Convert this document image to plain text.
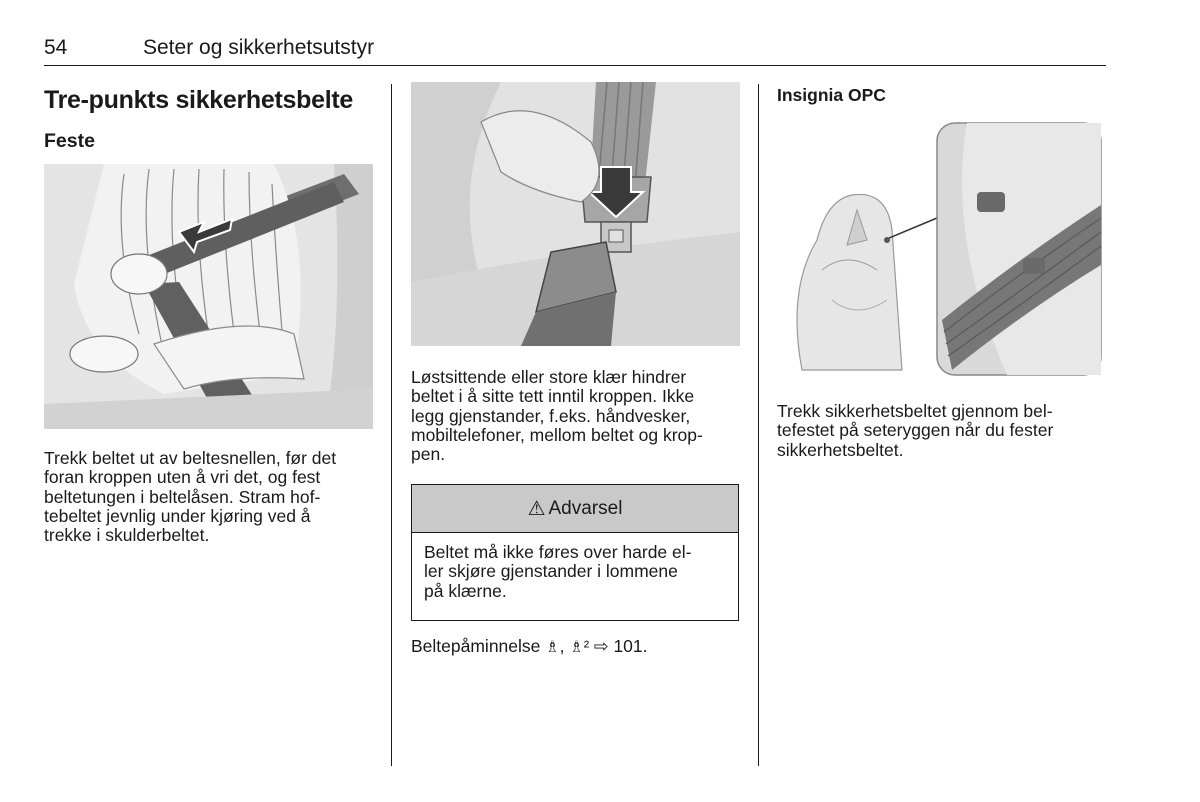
54	Seter og sikkerhetsutstyr
Tre-punkts sikkerhetsbelte
Feste

Trekk beltet ut av beltesnellen, før det

foran kroppen uten å vri det, og fest

beltetungen i beltelåsen. Stram hof-

tebeltet jevnlig under kjøring ved å

trekke i skulderbeltet.

Løstsittende eller store klær hindrer

beltet i å sitte tett inntil kroppen. Ikke

legg gjenstander, f.eks. håndvesker,

mobiltelefoner, mellom beltet og krop-

pen.

⚠ Advarsel

Beltet må ikke føres over harde el-

ler skjøre gjenstander i lommene

på klærne.

Beltepåminnelse ♗, ♗² ⇨ 101.
Insignia OPC

Trekk sikkerhetsbeltet gjennom bel-

tefestet på seteryggen når du fester

sikkerhetsbeltet.
